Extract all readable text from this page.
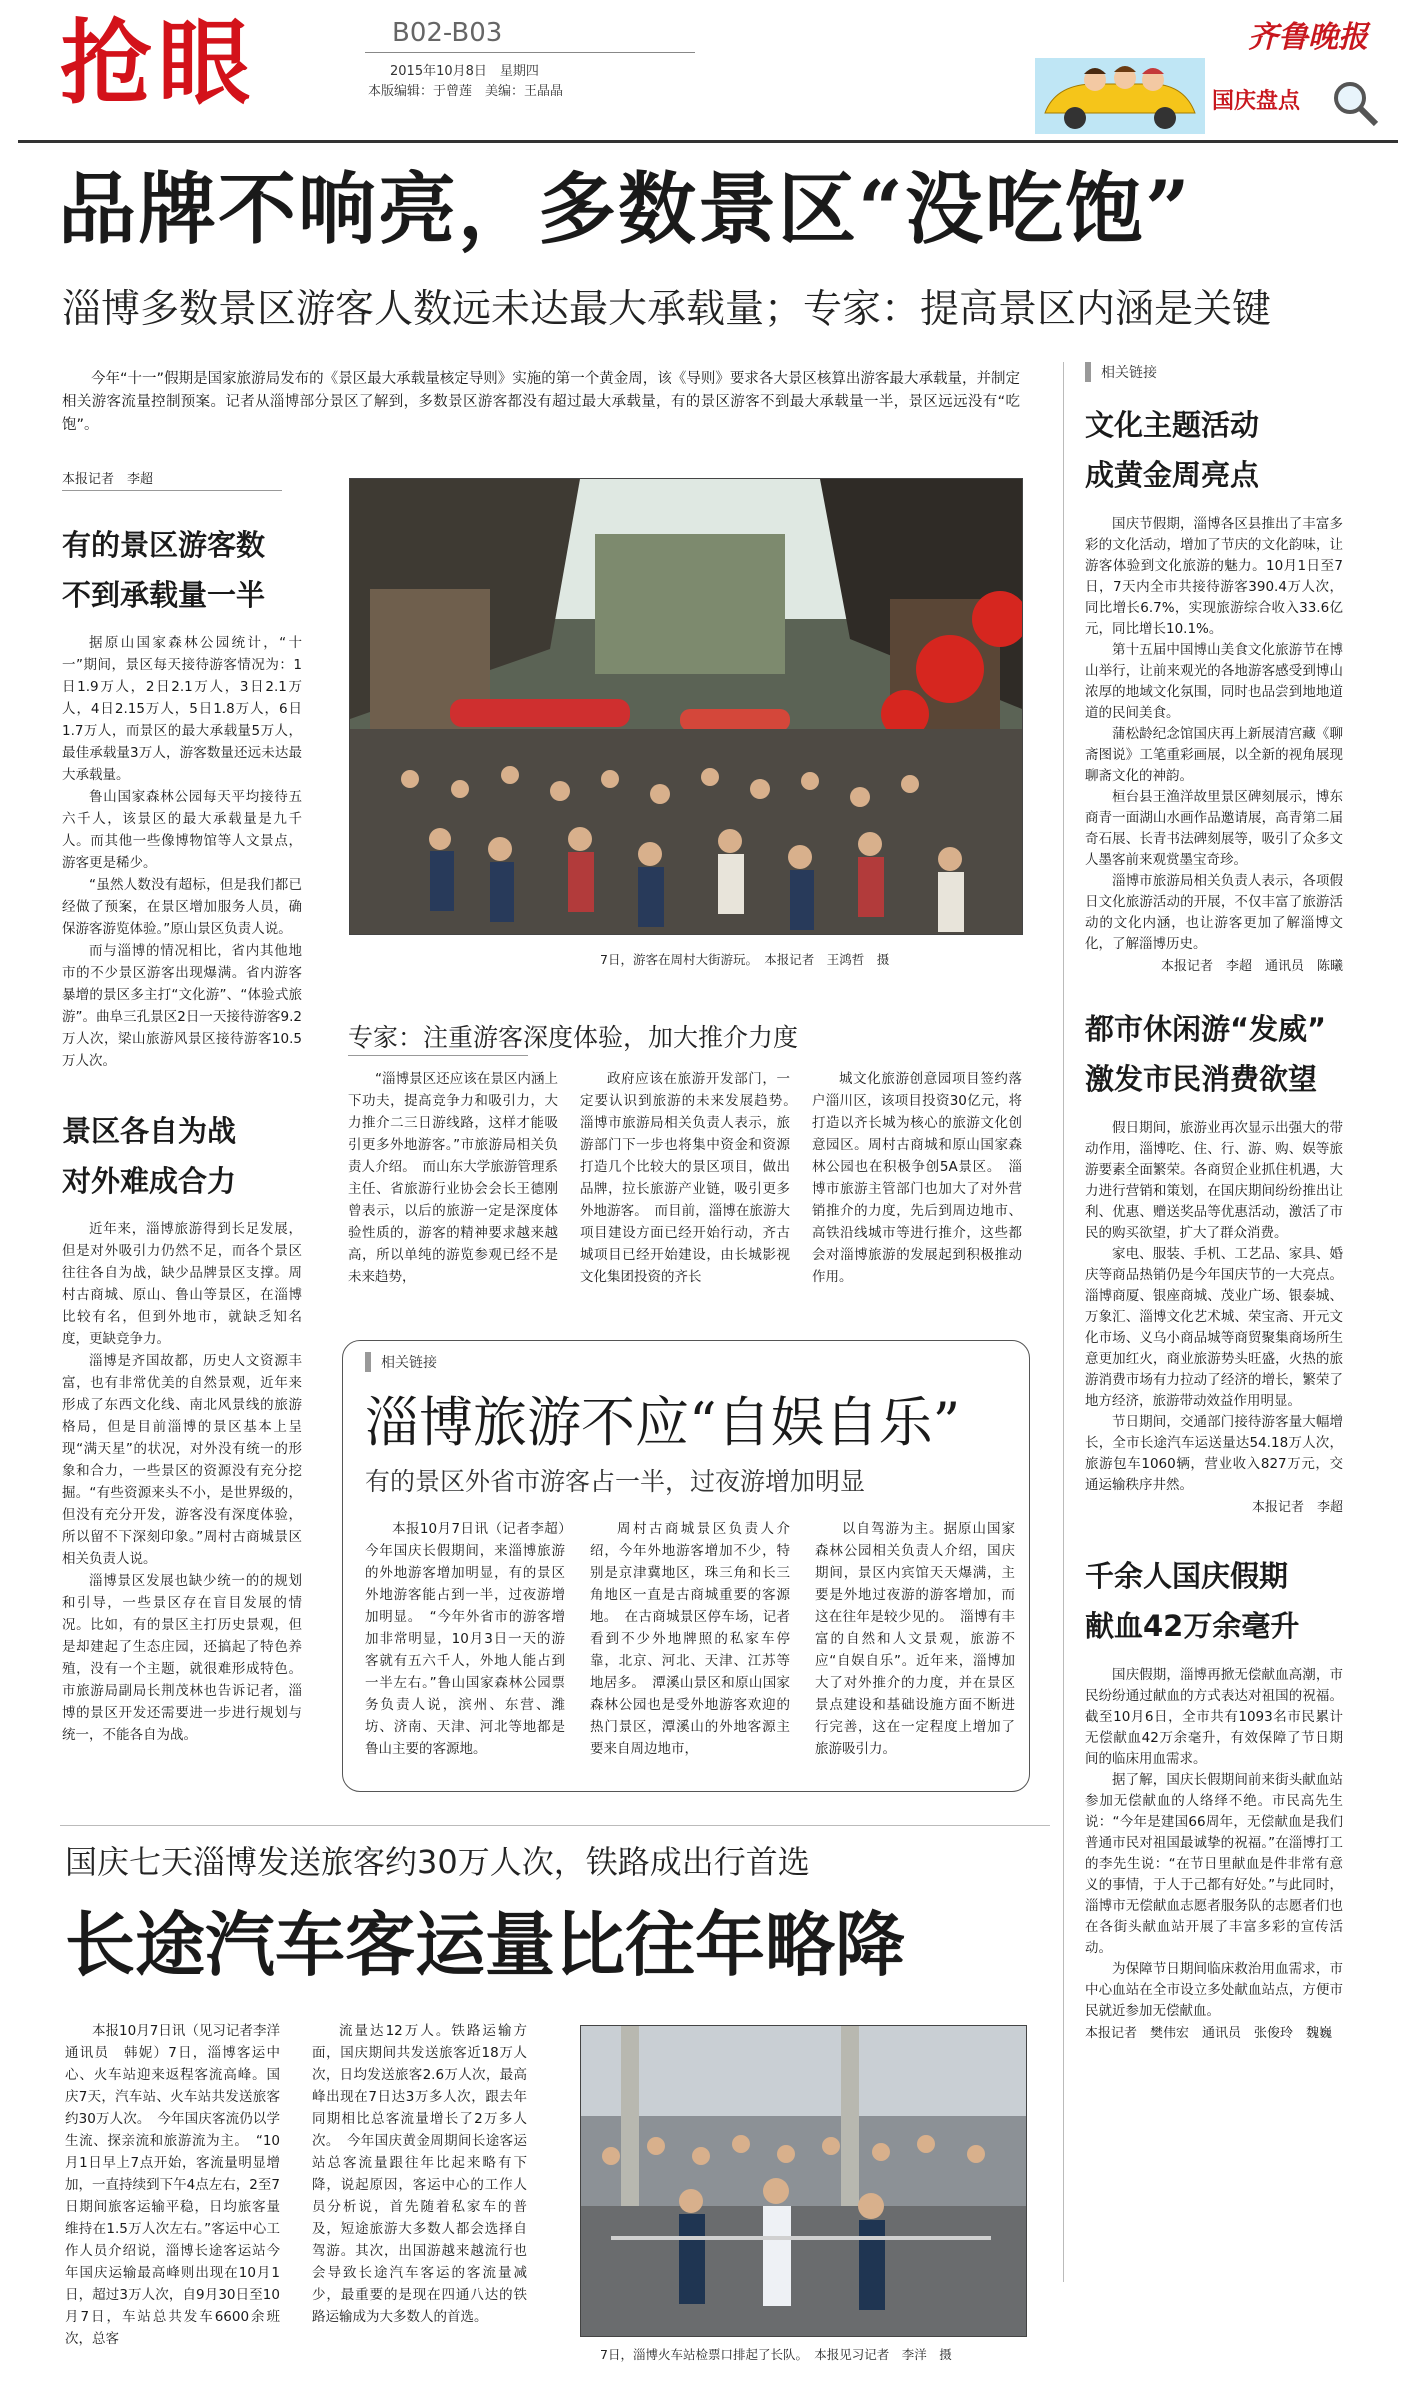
抢眼	B02-B03
2015年10月8日　星期四
本版编辑：于曾莲　美编：王晶晶
齐鲁晚报
国庆盘点
品牌不响亮，多数景区“没吃饱”
淄博多数景区游客人数远未达最大承载量；专家：提高景区内涵是关键
今年“十一”假期是国家旅游局发布的《景区最大承载量核定导则》实施的第一个黄金周，该《导则》要求各大景区核算出游客最大承载量，并制定相关游客流量控制预案。记者从淄博部分景区了解到，多数景区游客都没有超过最大承载量，有的景区游客不到最大承载量一半，景区远远没有“吃饱”。
本报记者　李超
有的景区游客数
不到承载量一半

据原山国家森林公园统计，“十一”期间，景区每天接待游客情况为：1日1.9万人，2日2.1万人，3日2.1万人，4日2.15万人，5日1.8万人，6日1.7万人，而景区的最大承载量5万人，最佳承载量3万人，游客数量还远未达最大承载量。

鲁山国家森林公园每天平均接待五六千人，该景区的最大承载量是九千人。而其他一些像博物馆等人文景点，游客更是稀少。

“虽然人数没有超标，但是我们都已经做了预案，在景区增加服务人员，确保游客游览体验。”原山景区负责人说。

而与淄博的情况相比，省内其他地市的不少景区游客出现爆满。省内游客暴增的景区多主打“文化游”、“体验式旅游”。曲阜三孔景区2日一天接待游客9.2万人次，梁山旅游风景区接待游客10.5万人次。

景区各自为战
对外难成合力

近年来，淄博旅游得到长足发展，但是对外吸引力仍然不足，而各个景区往往各自为战，缺少品牌景区支撑。周村古商城、原山、鲁山等景区，在淄博比较有名，但到外地市，就缺乏知名度，更缺竞争力。

淄博是齐国故都，历史人文资源丰富，也有非常优美的自然景观，近年来形成了东西文化线、南北风景线的旅游格局，但是目前淄博的景区基本上呈现“满天星”的状况，对外没有统一的形象和合力，一些景区的资源没有充分挖掘。“有些资源来头不小，是世界级的，但没有充分开发，游客没有深度体验，所以留不下深刻印象。”周村古商城景区相关负责人说。

淄博景区发展也缺少统一的的规划和引导，一些景区存在盲目发展的情况。比如，有的景区主打历史景观，但是却建起了生态庄园，还搞起了特色养殖，没有一个主题，就很难形成特色。市旅游局副局长荆茂林也告诉记者，淄博的景区开发还需要进一步进行规划与统一，不能各自为战。

7日，游客在周村大街游玩。　本报记者　王鸿哲　摄
专家：注重游客深度体验，加大推介力度
“淄博景区还应该在景区内涵上下功夫，提高竞争力和吸引力，大力推介二三日游线路，这样才能吸引更多外地游客。”市旅游局相关负责人介绍。　而山东大学旅游管理系主任、省旅游行业协会会长王德刚曾表示，以后的旅游一定是深度体验性质的，游客的精神要求越来越高，所以单纯的游览参观已经不是未来趋势，
政府应该在旅游开发部门，一定要认识到旅游的未来发展趋势。　淄博市旅游局相关负责人表示，旅游部门下一步也将集中资金和资源打造几个比较大的景区项目，做出品牌，拉长旅游产业链，吸引更多外地游客。　而目前，淄博在旅游大项目建设方面已经开始行动，齐古城项目已经开始建设，由长城影视文化集团投资的齐长
城文化旅游创意园项目签约落户淄川区，该项目投资30亿元，将打造以齐长城为核心的旅游文化创意园区。周村古商城和原山国家森林公园也在积极争创5A景区。　淄博市旅游主管部门也加大了对外营销推介的力度，先后到周边地市、高铁沿线城市等进行推介，这些都会对淄博旅游的发展起到积极推动作用。
相关链接
淄博旅游不应“自娱自乐”
有的景区外省市游客占一半，过夜游增加明显
本报10月7日讯（记者李超）今年国庆长假期间，来淄博旅游的外地游客增加明显，有的景区外地游客能占到一半，过夜游增加明显。　“今年外省市的游客增加非常明显，10月3日一天的游客就有五六千人，外地人能占到一半左右。”鲁山国家森林公园票务负责人说，滨州、东营、潍坊、济南、天津、河北等地都是鲁山主要的客源地。
周村古商城景区负责人介绍，今年外地游客增加不少，特别是京津冀地区，珠三角和长三角地区一直是古商城重要的客源地。　在古商城景区停车场，记者看到不少外地牌照的私家车停靠，北京、河北、天津、江苏等地居多。　潭溪山景区和原山国家森林公园也是受外地游客欢迎的热门景区，潭溪山的外地客源主要来自周边地市，
以自驾游为主。据原山国家森林公园相关负责人介绍，国庆期间，景区内宾馆天天爆满，主要是外地过夜游的游客增加，而这在往年是较少见的。　淄博有丰富的自然和人文景观，旅游不应“自娱自乐”。近年来，淄博加大了对外推介的力度，并在景区景点建设和基础设施方面不断进行完善，这在一定程度上增加了旅游吸引力。
相关链接
文化主题活动
成黄金周亮点

国庆节假期，淄博各区县推出了丰富多彩的文化活动，增加了节庆的文化韵味，让游客体验到文化旅游的魅力。10月1日至7日，7天内全市共接待游客390.4万人次，同比增长6.7%，实现旅游综合收入33.6亿元，同比增长10.1%。

第十五届中国博山美食文化旅游节在博山举行，让前来观光的各地游客感受到博山浓厚的地域文化氛围，同时也品尝到地地道道的民间美食。

蒲松龄纪念馆国庆再上新展清宫藏《聊斋图说》工笔重彩画展，以全新的视角展现聊斋文化的神韵。

桓台县王渔洋故里景区碑刻展示，博东商青一面湖山水画作品邀请展，高青第二届奇石展、长青书法碑刻展等，吸引了众多文人墨客前来观赏墨宝奇珍。

淄博市旅游局相关负责人表示，各项假日文化旅游活动的开展，不仅丰富了旅游活动的文化内涵，也让游客更加了解淄博文化，了解淄博历史。

本报记者　李超　通讯员　陈曦
都市休闲游“发威”
激发市民消费欲望

假日期间，旅游业再次显示出强大的带动作用，淄博吃、住、行、游、购、娱等旅游要素全面繁荣。各商贸企业抓住机遇，大力进行营销和策划，在国庆期间纷纷推出让利、优惠、赠送奖品等优惠活动，激活了市民的购买欲望，扩大了群众消费。

家电、服装、手机、工艺品、家具、婚庆等商品热销仍是今年国庆节的一大亮点。淄博商厦、银座商城、茂业广场、银泰城、万象汇、淄博文化艺术城、荣宝斋、开元文化市场、义乌小商品城等商贸聚集商场所生意更加红火，商业旅游势头旺盛，火热的旅游消费市场有力拉动了经济的增长，繁荣了地方经济，旅游带动效益作用明显。

节日期间，交通部门接待游客量大幅增长，全市长途汽车运送量达54.18万人次，旅游包车1060辆，营业收入827万元，交通运输秩序井然。

本报记者　李超
千余人国庆假期
献血42万余毫升

国庆假期，淄博再掀无偿献血高潮，市民纷纷通过献血的方式表达对祖国的祝福。截至10月6日，全市共有1093名市民累计无偿献血42万余毫升，有效保障了节日期间的临床用血需求。

据了解，国庆长假期间前来街头献血站参加无偿献血的人络绎不绝。市民高先生说：“今年是建国66周年，无偿献血是我们普通市民对祖国最诚挚的祝福。”在淄博打工的李先生说：“在节日里献血是件非常有意义的事情，于人于己都有好处。”与此同时，淄博市无偿献血志愿者服务队的志愿者们也在各街头献血站开展了丰富多彩的宣传活动。

为保障节日期间临床救治用血需求，市中心血站在全市设立多处献血站点，方便市民就近参加无偿献血。

本报记者　樊伟宏　通讯员　张俊玲　魏巍
国庆七天淄博发送旅客约30万人次，铁路成出行首选
长途汽车客运量比往年略降
本报10月7日讯（见习记者李洋　通讯员　韩妮）7日，淄博客运中心、火车站迎来返程客流高峰。国庆7天，汽车站、火车站共发送旅客约30万人次。　今年国庆客流仍以学生流、探亲流和旅游流为主。　“10月1日早上7点开始，客流量明显增加，一直持续到下午4点左右，2至7日期间旅客运输平稳，日均旅客量维持在1.5万人次左右。”客运中心工作人员介绍说，淄博长途客运站今年国庆运输最高峰则出现在10月1日，超过3万人次，自9月30日至10月7日，车站总共发车6600余班次，总客
流量达12万人。铁路运输方面，国庆期间共发送旅客近18万人次，日均发送旅客2.6万人次，最高峰出现在7日达3万多人次，跟去年同期相比总客流量增长了2万多人次。　今年国庆黄金周期间长途客运站总客流量跟往年比起来略有下降，说起原因，客运中心的工作人员分析说，首先随着私家车的普及，短途旅游大多数人都会选择自驾游。其次，出国游越来越流行也会导致长途汽车客运的客流量减少，最重要的是现在四通八达的铁路运输成为大多数人的首选。
7日，淄博火车站检票口排起了长队。　本报见习记者　李洋　摄
